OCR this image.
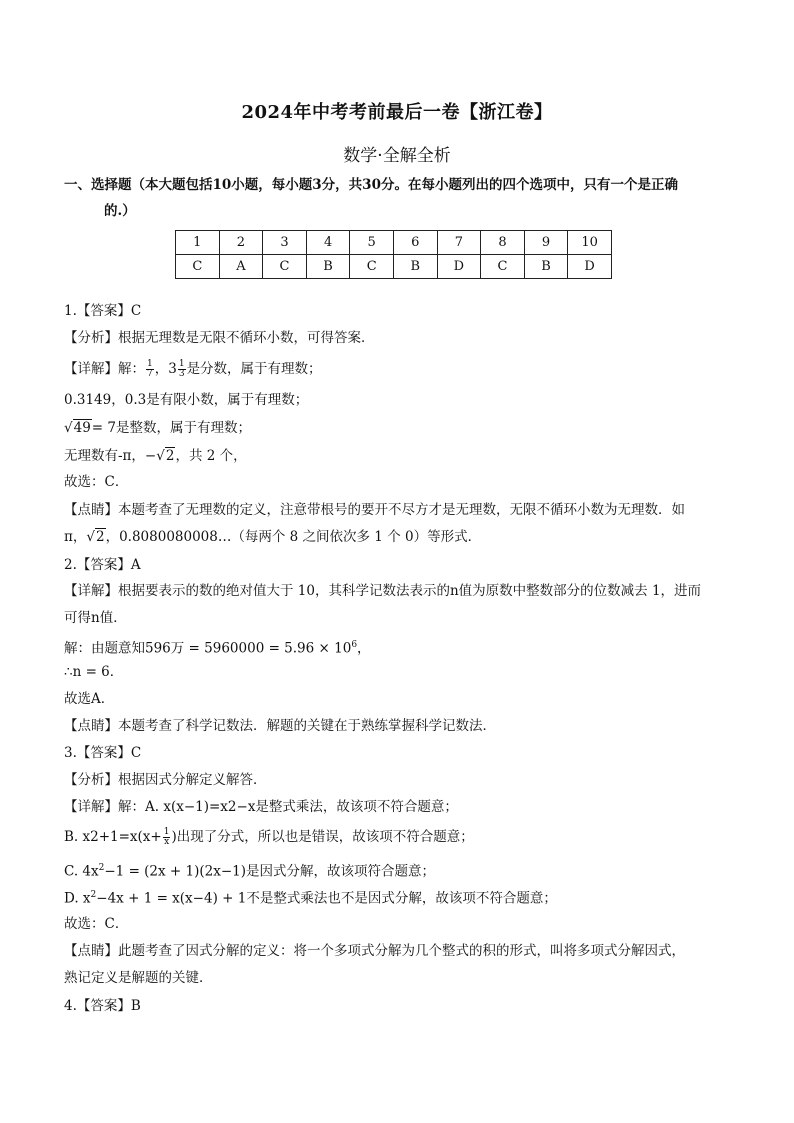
2024年中考考前最后一卷【浙江卷】
数学·全解全析
一、选择题（本大题包括10小题，每小题3分，共30分。在每小题列出的四个选项中，只有一个是正确
的.）
1	2	3	4	5	6	7	8	9	10
C	A	C	B	C	B	D	C	B	D
1.【答案】C
【分析】根据无理数是无限不循环小数，可得答案．
【详解】解： $\frac{1}{7}$ ，$3 \frac{1}{3}$ 是分数，属于有理数；
0.3149，0.3是有限小数，属于有理数；
√49= 7是整数，属于有理数；
无理数有-π，−√2，共 2 个，
故选：C．
【点睛】本题考查了无理数的定义，注意带根号的要开不尽方才是无理数，无限不循环小数为无理数．如
π，√2，0.8080080008…（每两个 8 之间依次多 1 个 0）等形式．
2.【答案】A
【详解】根据要表示的数的绝对值大于 10，其科学记数法表示的n值为原数中整数部分的位数减去 1，进而
可得n值．
解：由题意知596万 = $5960000 = 5.96 \times 10^6$，
∴n = 6．
故选A．
【点睛】本题考查了科学记数法．解题的关键在于熟练掌握科学记数法．
3.【答案】C
【分析】根据因式分解定义解答．
【详解】解：A. x(x−1)=x2−x是整式乘法，故该项不符合题意；
B. $x2+1=x(x+ \frac{1}{x}$ )出现了分式，所以也是错误，故该项不符合题意；
C. $4x^2-1 = (2x + 1)(2x-1)$是因式分解，故该项符合题意；
D. $x^2-4x + 1 = x(x-4) + 1$不是整式乘法也不是因式分解，故该项不符合题意；
故选：C．
【点睛】此题考查了因式分解的定义：将一个多项式分解为几个整式的积的形式，叫将多项式分解因式，
熟记定义是解题的关键．
4.【答案】B
